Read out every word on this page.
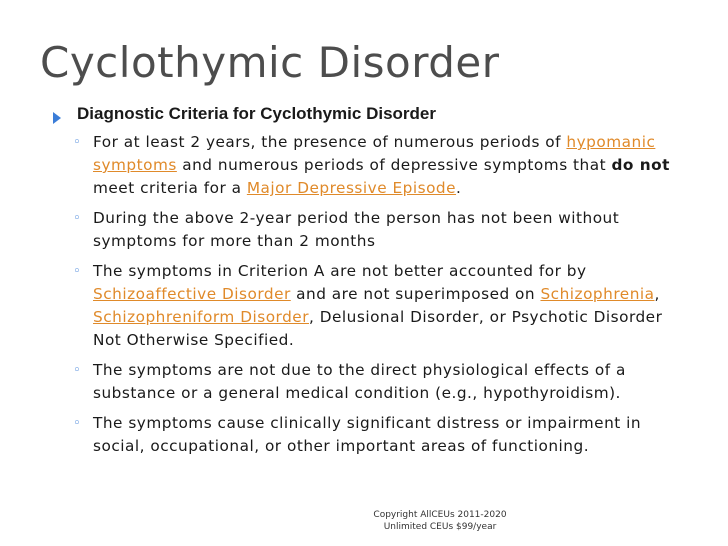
Cyclothymic Disorder
Diagnostic Criteria for Cyclothymic Disorder
◦ For at least 2 years, the presence of numerous periods of hypomanic symptoms and numerous periods of depressive symptoms that do not meet criteria for a Major Depressive Episode.
◦ During the above 2-year period the person has not been without symptoms for more than 2 months
◦ The symptoms in Criterion A are not better accounted for by Schizoaffective Disorder and are not superimposed on Schizophrenia, Schizophreniform Disorder, Delusional Disorder, or Psychotic Disorder Not Otherwise Specified.
◦ The symptoms are not due to the direct physiological effects of a substance or a general medical condition (e.g., hypothyroidism).
◦ The symptoms cause clinically significant distress or impairment in social, occupational, or other important areas of functioning.
Copyright AllCEUs 2011-2020
Unlimited CEUs $99/year
